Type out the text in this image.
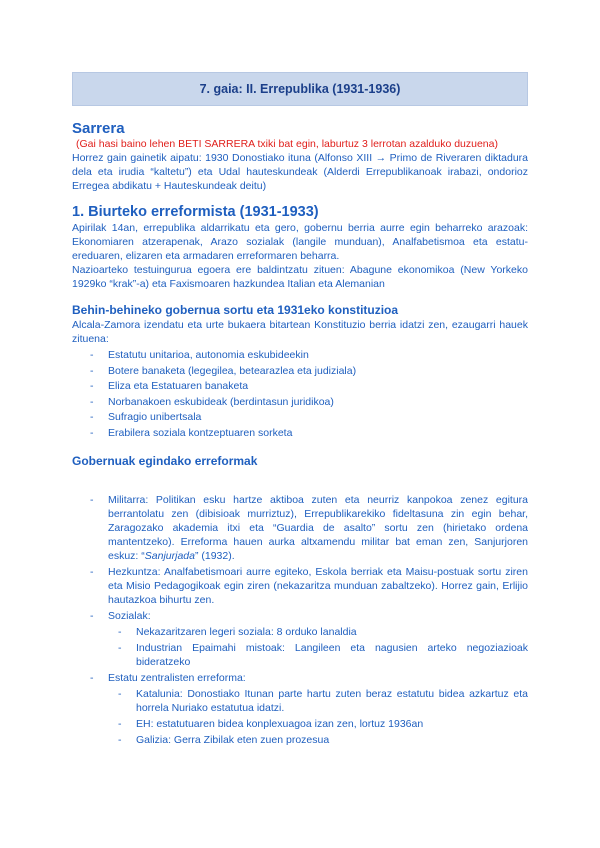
7. gaia: II. Errepublika (1931-1936)
Sarrera
(Gai hasi baino lehen BETI SARRERA txiki bat egin, laburtuz 3 lerrotan azalduko duzuena)
Horrez gain gainetik aipatu: 1930 Donostiako ituna (Alfonso XIII → Primo de Riveraren diktadura dela eta irudia “kaltetu”) eta Udal hauteskundeak (Alderdi Errepublikanoak irabazi, ondorioz Erregea abdikatu + Hauteskundeak deitu)
1. Biurteko erreformista (1931-1933)
Apirilak 14an, errepublika aldarrikatu eta gero, gobernu berria aurre egin beharreko arazoak: Ekonomiaren atzerapenak, Arazo sozialak (langile munduan), Analfabetismoa eta estatu-ereduaren, elizaren eta armadaren erreformaren beharra.
Nazioarteko testuingurua egoera ere baldintzatu zituen: Abagune ekonomikoa (New Yorkeko 1929ko “krak”-a) eta Faxismoaren hazkundea Italian eta Alemanian
Behin-behineko gobernua sortu eta 1931eko konstituzioa
Alcala-Zamora izendatu eta urte bukaera bitartean Konstituzio berria idatzi zen, ezaugarri hauek zituena:
- Estatutu unitarioa, autonomia eskubideekin
- Botere banaketa (legegilea, betearazlea eta judiziala)
- Eliza eta Estatuaren banaketa
- Norbanakoen eskubideak (berdintasun juridikoa)
- Sufragio unibertsala
- Erabilera soziala kontzeptuaren sorketa
Gobernuak egindako erreformak
- Militarra: Politikan esku hartze aktiboa zuten eta neurriz kanpokoa zenez egitura berrantolatu zen (dibisioak murriztuz), Errepublikarekiko fideltasuna zin egin behar, Zaragozako akademia itxi eta “Guardia de asalto” sortu zen (hirietako ordena mantentzeko). Erreforma hauen aurka altxamendu militar bat eman zen, Sanjurjoren eskuz: “Sanjurjada” (1932).
- Hezkuntza: Analfabetismoari aurre egiteko, Eskola berriak eta Maisu-postuak sortu ziren eta Misio Pedagogikoak egin ziren (nekazaritza munduan zabaltzeko). Horrez gain, Erlijio hautazkoa bihurtu zen.
- Sozialak:
- Nekazaritzaren legeri soziala: 8 orduko lanaldia
- Industrian Epaimahi mistoak: Langileen eta nagusien arteko negoziazioak bideratzeko
- Estatu zentralisten erreforma:
- Katalunia: Donostiako Itunan parte hartu zuten beraz estatutu bidea azkartuz eta horrela Nuriako estatutua idatzi.
- EH: estatutuaren bidea konplexuagoa izan zen, lortuz 1936an
- Galizia: Gerra Zibilak eten zuen prozesua
